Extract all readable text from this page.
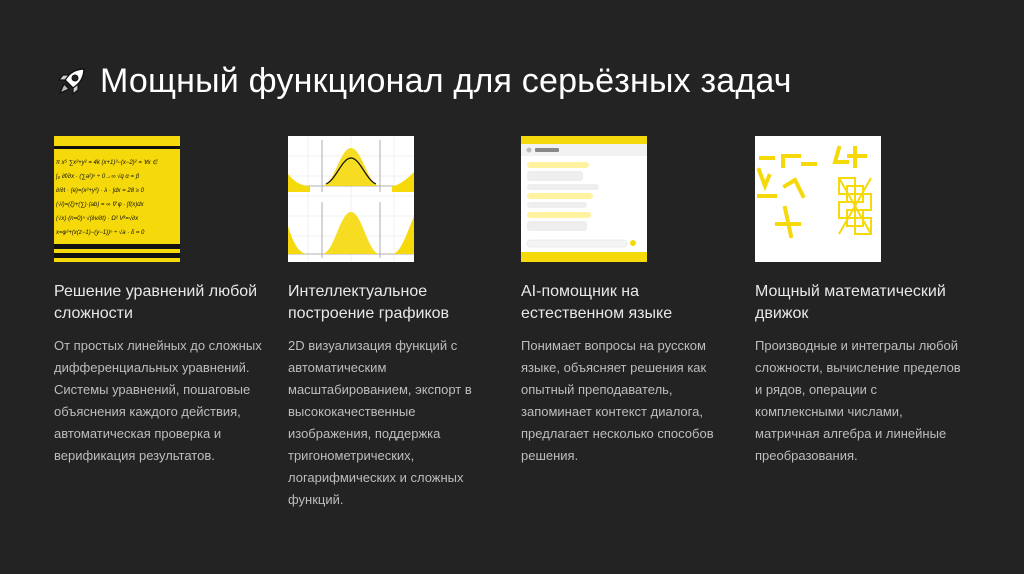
Мощный функционал для серьёзных задач
π x⁵ ∑x²+y² = 4k (x+1)³−(x−2)² = ∀x ∈
∫₀ ∂f/∂x · (∑a²)ⁿ ÷ 0→∞ √q α = β
∂/∂t · (e)=(x²+y²) · λ · ∫dx = 28 ≥ 0
(√i)=(ξ)+(∑)·(ab) = ∞ ∇ φ · ∫f(x)dx
(√x)·(n=0)ⁿ √(∂v/∂t) · Ω² Vᵏ=√∂x
x=φ²+(x(z−1)−(y−1))ⁿ ÷ √a · δ = 0
Решение уравнений любой сложности
От простых линейных до сложных дифференциальных уравнений. Системы уравнений, пошаговые объяснения каждого действия, автоматическая проверка и верификация результатов.
Интеллектуальное построение графиков
2D визуализация функций с автоматическим масштабированием, экспорт в высококачественные изображения, поддержка тригонометрических, логарифмических и сложных функций.
AI-помощник на естественном языке
Понимает вопросы на русском языке, объясняет решения как опытный преподаватель, запоминает контекст диалога, предлагает несколько способов решения.
Мощный математический движок
Производные и интегралы любой сложности, вычисление пределов и рядов, операции с комплексными числами, матричная алгебра и линейные преобразования.
